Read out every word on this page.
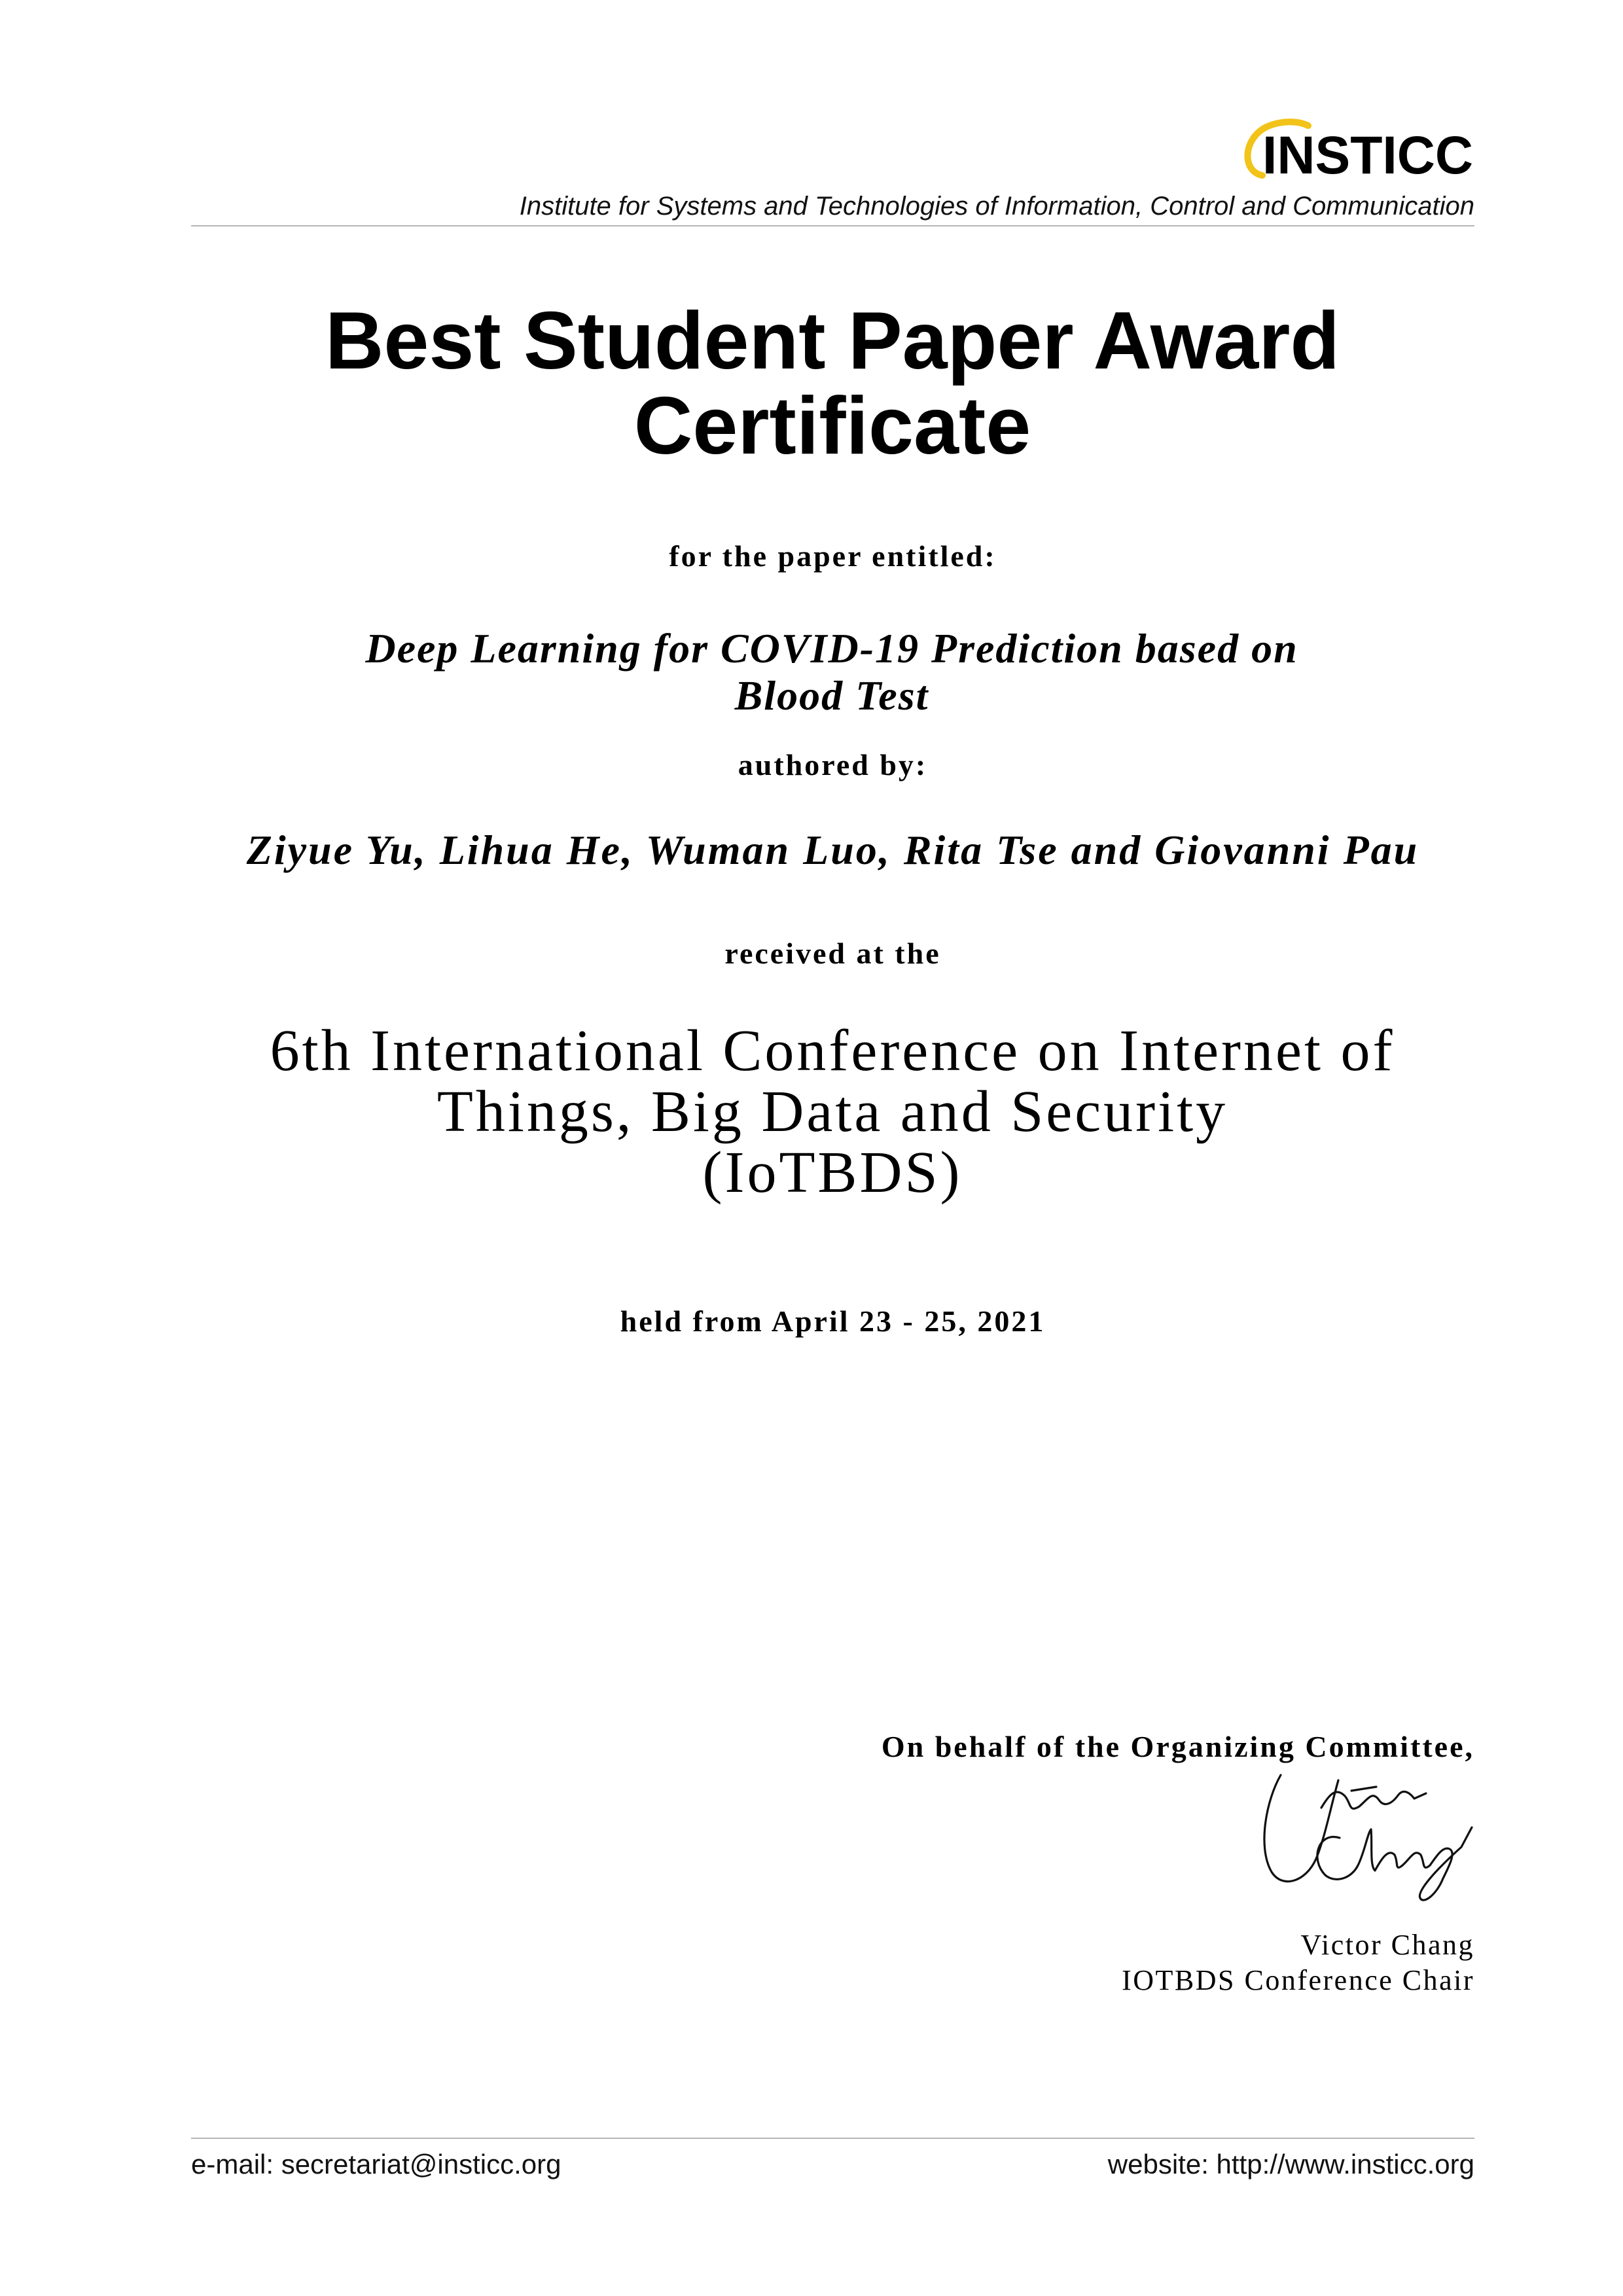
INSTICC
Institute for Systems and Technologies of Information, Control and Communication
Best Student Paper Award Certificate
for the paper entitled:
Deep Learning for COVID-19 Prediction based on Blood Test
authored by:
Ziyue Yu, Lihua He, Wuman Luo, Rita Tse and Giovanni Pau
received at the
6th International Conference on Internet of Things, Big Data and Security
(IoTBDS)
held from April 23 - 25, 2021
On behalf of the Organizing Committee,
Victor Chang
IOTBDS Conference Chair
e-mail: secretariat@insticc.org	website: http://www.insticc.org
